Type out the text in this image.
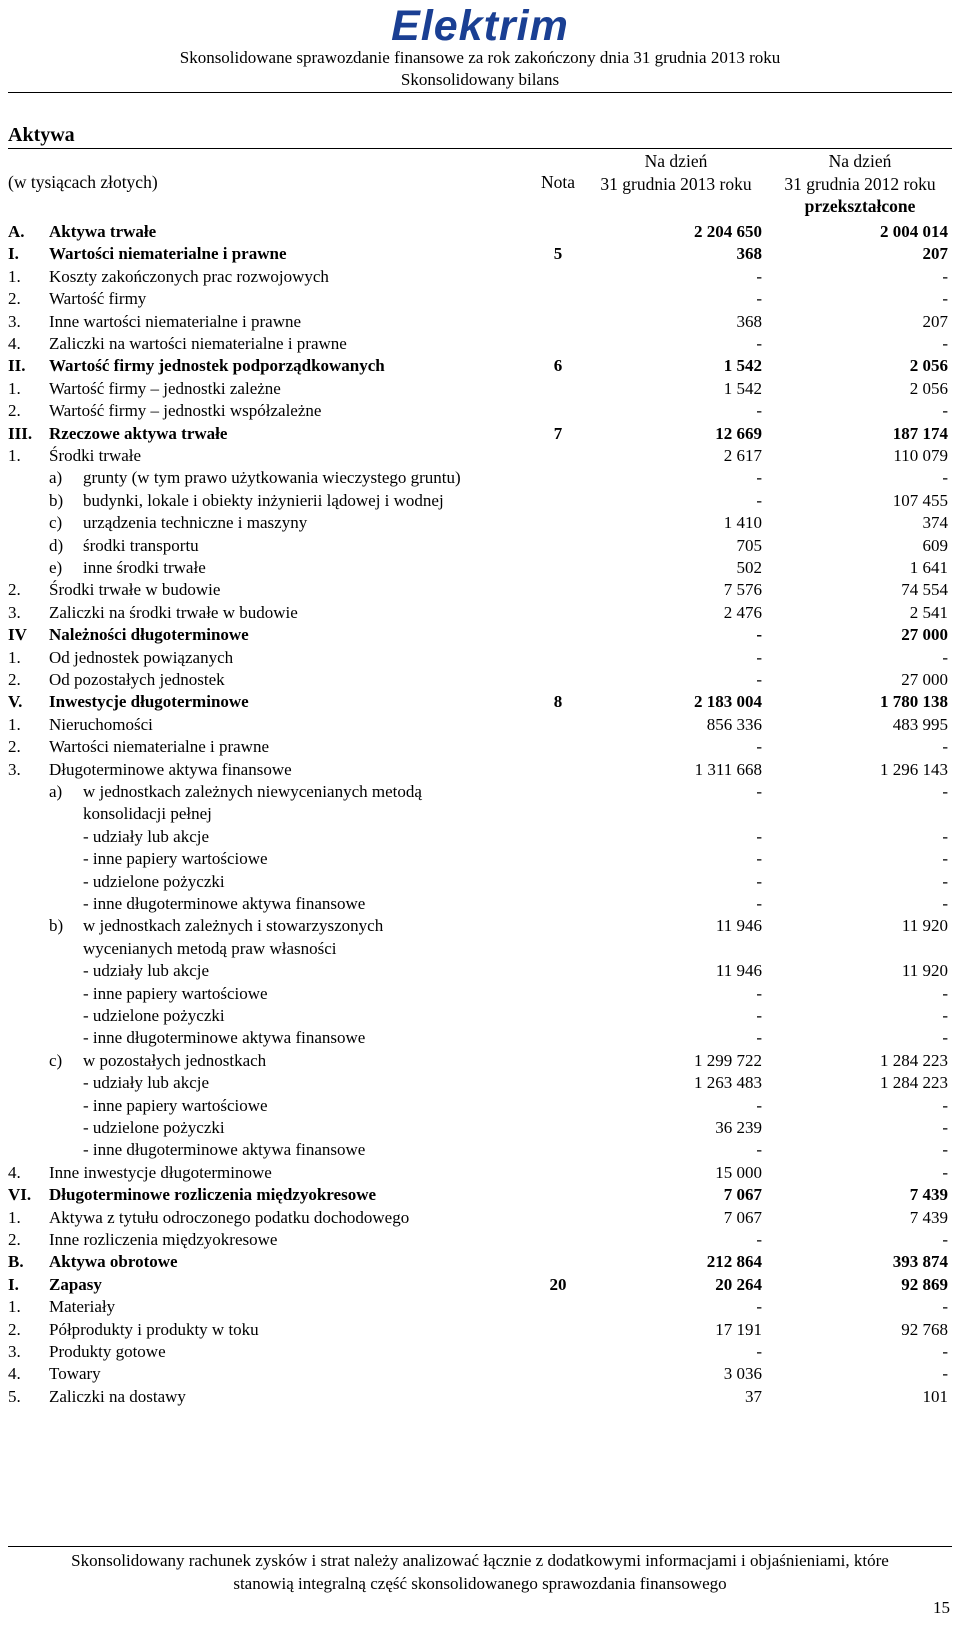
Elektrim
Skonsolidowane sprawozdanie finansowe za rok zakończony dnia 31 grudnia 2013 roku
Skonsolidowany bilans
Aktywa
(w tysiącach złotych)	Nota
Na dzień
31 grudnia 2013 roku
Na dzień
31 grudnia 2012 roku
przekształcone
A. Aktywa trwałe	2 204 650	2 004 014
I. Wartości niematerialne i prawne	5	368	207
1. Koszty zakończonych prac rozwojowych	-	-
2. Wartość firmy	-	-
3. Inne wartości niematerialne i prawne	368	207
4. Zaliczki na wartości niematerialne i prawne	-	-
II. Wartość firmy jednostek podporządkowanych	6	1 542	2 056
1. Wartość firmy – jednostki zależne	1 542	2 056
2. Wartość firmy – jednostki współzależne	-	-
III. Rzeczowe aktywa trwałe	7	12 669	187 174
1. Środki trwałe	2 617	110 079
a) grunty (w tym prawo użytkowania wieczystego gruntu)	-	-
b) budynki, lokale i obiekty inżynierii lądowej i wodnej	-	107 455
c) urządzenia techniczne i maszyny	1 410	374
d) środki transportu	705	609
e) inne środki trwałe	502	1 641
2. Środki trwałe w budowie	7 576	74 554
3. Zaliczki na środki trwałe w budowie	2 476	2 541
IV Należności długoterminowe	-	27 000
1. Od jednostek powiązanych	-	-
2. Od pozostałych jednostek	-	27 000
V. Inwestycje długoterminowe	8	2 183 004	1 780 138
1. Nieruchomości	856 336	483 995
2. Wartości niematerialne i prawne	-	-
3. Długoterminowe aktywa finansowe	1 311 668	1 296 143
a) w jednostkach zależnych niewycenianych metodą	-	-
konsolidacji pełnej
- udziały lub akcje	-	-
- inne papiery wartościowe	-	-
- udzielone pożyczki	-	-
- inne długoterminowe aktywa finansowe	-	-
b) w jednostkach zależnych i stowarzyszonych	11 946	11 920
wycenianych metodą praw własności
- udziały lub akcje	11 946	11 920
- inne papiery wartościowe	-	-
- udzielone pożyczki	-	-
- inne długoterminowe aktywa finansowe	-	-
c) w pozostałych jednostkach	1 299 722	1 284 223
- udziały lub akcje	1 263 483	1 284 223
- inne papiery wartościowe	-	-
- udzielone pożyczki	36 239	-
- inne długoterminowe aktywa finansowe	-	-
4. Inne inwestycje długoterminowe	15 000	-
VI. Długoterminowe rozliczenia międzyokresowe	7 067	7 439
1. Aktywa z tytułu odroczonego podatku dochodowego	7 067	7 439
2. Inne rozliczenia międzyokresowe	-	-
B. Aktywa obrotowe	212 864	393 874
I. Zapasy	20	20 264	92 869
1. Materiały	-	-
2. Półprodukty i produkty w toku	17 191	92 768
3. Produkty gotowe	-	-
4. Towary	3 036	-
5. Zaliczki na dostawy	37	101
Skonsolidowany rachunek zysków i strat należy analizować łącznie z dodatkowymi informacjami i objaśnieniami, które
stanowią integralną część skonsolidowanego sprawozdania finansowego
15
